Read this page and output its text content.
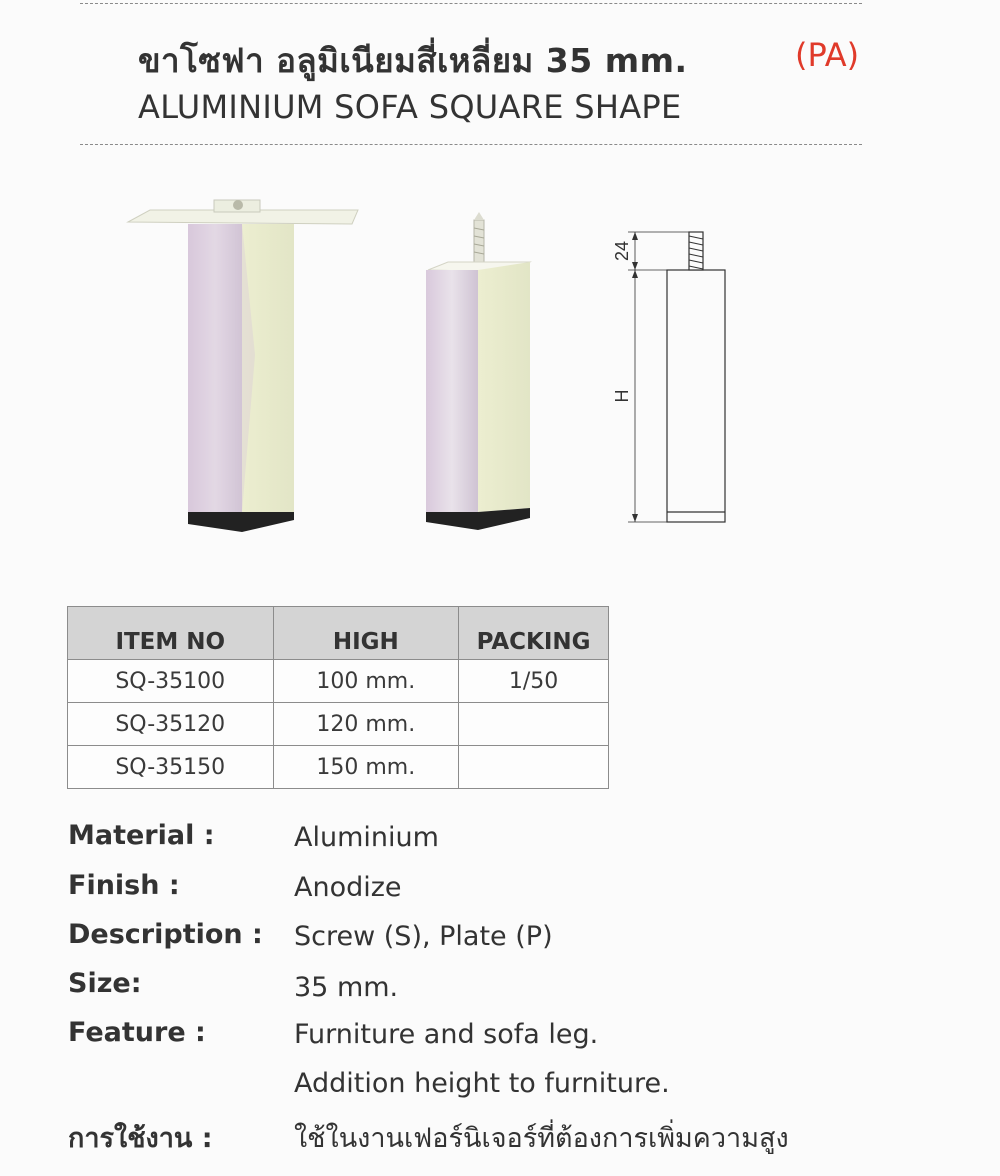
ขาโซฟา อลูมิเนียมสี่เหลี่ยม 35 mm.	(PA)
ALUMINIUM SOFA SQUARE SHAPE
24
H
ITEM NO	HIGH	PACKING
SQ-35100	100 mm.	1/50
SQ-35120	120 mm.	
SQ-35150	150 mm.	
Material :	Aluminium
Finish :	Anodize
Description :	Screw (S), Plate (P)
Size:	35 mm.
Feature :	Furniture and sofa leg.
Addition height to furniture.
การใช้งาน :	ใช้ในงานเฟอร์นิเจอร์ที่ต้องการเพิ่มความสูง
